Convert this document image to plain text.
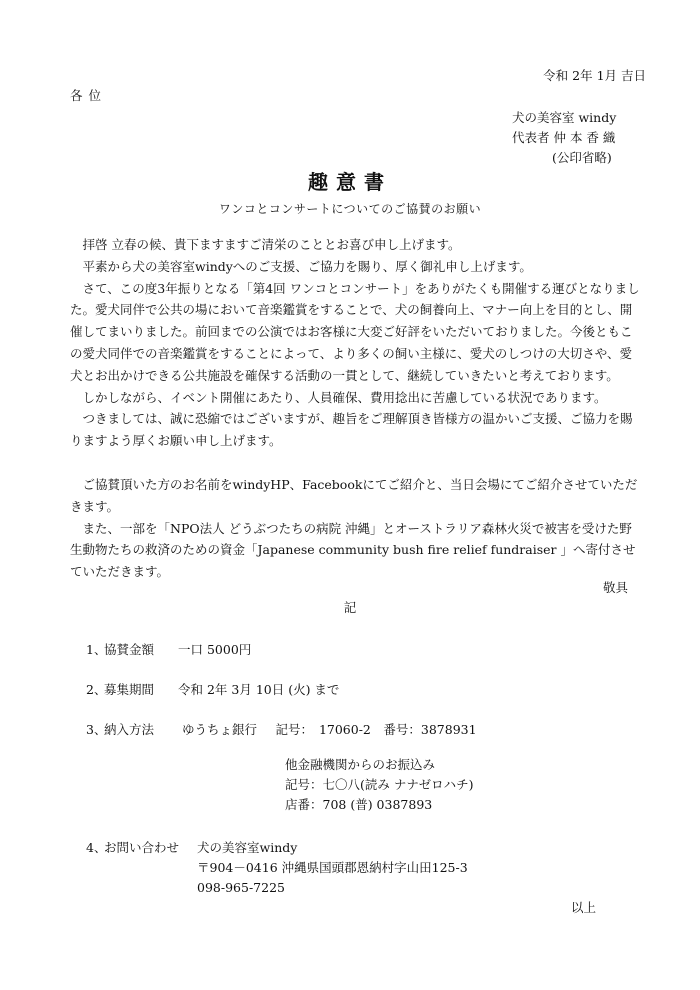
令和 2年 1月 吉日
各位
犬の美容室 windy
代表者 仲 本 香 織
(公印省略)
趣意書
ワンコとコンサートについてのご協賛のお願い

拝啓 立春の候、貴下ますますご清栄のこととお喜び申し上げます。

平素から犬の美容室windyへのご支援、ご協力を賜り、厚く御礼申し上げます。

さて、この度3年振りとなる「第4回 ワンコとコンサート」をありがたくも開催する運びとなりました。愛犬同伴で公共の場において音楽鑑賞をすることで、犬の飼養向上、マナー向上を目的とし、開催してまいりました。前回までの公演ではお客様に大変ご好評をいただいておりました。今後ともこの愛犬同伴での音楽鑑賞をすることによって、より多くの飼い主様に、愛犬のしつけの大切さや、愛犬とお出かけできる公共施設を確保する活動の一貫として、継続していきたいと考えております。

しかしながら、イベント開催にあたり、人員確保、費用捻出に苦慮している状況であります。

つきましては、誠に恐縮ではございますが、趣旨をご理解頂き皆様方の温かいご支援、ご協力を賜りますよう厚くお願い申し上げます。

ご協賛頂いた方のお名前をwindyHP、Facebookにてご紹介と、当日会場にてご紹介させていただきます。

また、一部を「NPO法人 どうぶつたちの病院 沖縄」とオーストラリア森林火災で被害を受けた野生動物たちの救済のための資金「Japanese community bush fire relief fundraiser 」へ寄付させていただきます。

敬具
記
1、
協賛金額 一口 5000円
2、
募集期間 令和 2年 3月 10日 (火) まで
3、
納入方法 ゆうちょ銀行　 記号： 17060-2　番号：3878931
他金融機関からのお振込み
記号：七〇八(読み ナナゼロハチ)
店番：708 (普) 0387893
4、
お問い合わせ 犬の美容室windy
〒904－0416 沖縄県国頭郡恩納村字山田125-3
098-965-7225
以上
